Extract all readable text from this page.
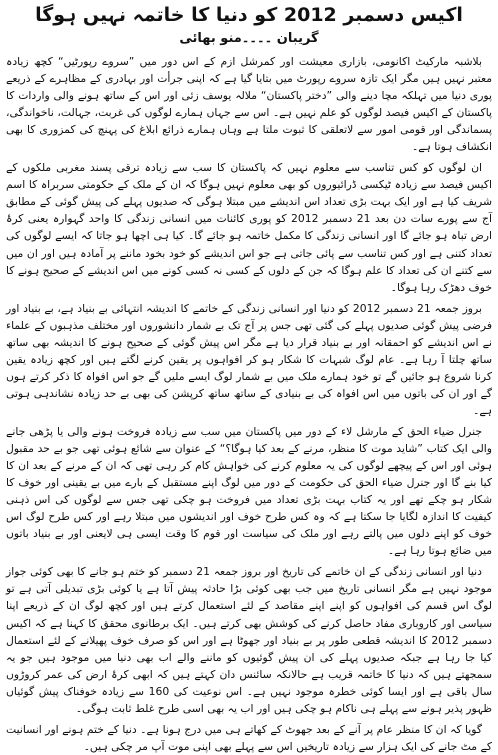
اکیس دسمبر 2012 کو دنیا کا خاتمہ نہیں ہوگا
گریبان ۔۔۔۔منو بھائی

بلاشبہ مارکیٹ اکانومی، بازاری معیشت اور کمرشل ازم کے اس دور میں ”سروے رپورٹیں“ کچھ زیادہ معتبر نہیں ہیں مگر ایک تازہ سروے رپورٹ میں بتایا گیا ہے کہ اپنی جرأت اور بہادری کے مظاہرے کے ذریعے پوری دنیا میں تہلکہ مچا دینے والی ”دختر پاکستان“ ملالہ یوسف زئی اور اس کے ساتھ ہونے والی واردات کا پاکستان کے اکیس فیصد لوگوں کو علم نہیں ہے۔ اس سے جہاں ہمارے لوگوں کی غربت، جہالت، ناخواندگی، پسماندگی اور قومی امور سے لاتعلقی کا ثبوت ملتا ہے وہاں ہمارے ذرائع ابلاغ کی پہنچ کی کمزوری کا بھی انکشاف ہوتا ہے۔

ان لوگوں کو کس تناسب سے معلوم نہیں کہ پاکستان کا سب سے زیادہ ترقی پسند مغربی ملکوں کے اکیس فیصد سے زیادہ ٹیکسی ڈرائیوروں کو بھی معلوم نہیں ہوگا کہ ان کے ملک کے حکومتی سربراہ کا اسم شریف کیا ہے اور ایک بہت بڑی تعداد اس اندیشے میں مبتلا ہوگی کہ صدیوں پہلے کی پیش گوئی کے مطابق آج سے پورے سات دن بعد 21 دسمبر 2012 کو پوری کائنات میں انسانی زندگی کا واحد گہوارہ یعنی کرۂ ارض تباہ ہو جائے گا اور انسانی زندگی کا مکمل خاتمہ ہو جائے گا۔ کیا ہی اچھا ہو جاتا کہ ایسے لوگوں کی تعداد کتنی ہے اور کس تناسب سے پائی جاتی ہے جو اس اندیشے کو خود بخود ماننے پر آمادہ ہیں اور ان میں سے کتنے ان کی تعداد کا علم ہوگا کہ جن کے دلوں کے کسی نہ کسی کونے میں اس اندیشے کے صحیح ہونے کا خوف دھڑک رہا ہوگا۔

بروز جمعہ 21 دسمبر 2012 کو دنیا اور انسانی زندگی کے خاتمے کا اندیشہ انتہائی بے بنیاد ہے، بے بنیاد اور فرضی پیش گوئی صدیوں پہلے کی گئی تھی جس پر آج تک بے شمار دانشوروں اور مختلف مذہبوں کے علماء نے اس اندیشے کو احمقانہ اور بے بنیاد قرار دیا ہے مگر اس پیش گوئی کے صحیح ہونے کا اندیشہ بھی ساتھ ساتھ چلتا آ رہا ہے۔ عام لوگ شبہات کا شکار ہو کر افواہوں پر یقین کرنے لگتے ہیں اور کچھ زیادہ یقین کرنا شروع ہو جائیں گے تو خود ہمارے ملک میں بے شمار لوگ ایسے ملیں گے جو اس افواہ کا ذکر کرتے ہوں گے اور ان کی باتوں میں اس افواہ کی بے بنیادی کے ساتھ ساتھ کرپشن کی بھی بے حد زیادہ نشاندہی ہوتی ہے۔

جنرل ضیاء الحق کے مارشل لاء کے دور میں پاکستان میں سب سے زیادہ فروخت ہونے والی یا پڑھی جانے والی ایک کتاب ”شاید موت کا منظر، مرنے کے بعد کیا ہوگا؟“ کے عنوان سے شائع ہوئی تھی جو بے حد مقبول ہوئی اور اس کے پیچھے لوگوں کی یہ معلوم کرنے کی خواہش کام کر رہی تھی کہ ان کے مرنے کے بعد ان کا کیا بنے گا اور جنرل ضیاء الحق کی حکومت کے دور میں لوگ اپنے مستقبل کے بارے میں بے یقینی اور خوف کا شکار ہو چکے تھے اور یہ کتاب بہت بڑی تعداد میں فروخت ہو چکی تھی جس سے لوگوں کی اس ذہنی کیفیت کا اندازہ لگایا جا سکتا ہے کہ وہ کس طرح خوف اور اندیشوں میں مبتلا رہے اور کس طرح لوگ اس خوف کو اپنے دلوں میں پالتے رہے اور ملک کی سیاست اور قوم کا وقت ایسی ہی لایعنی اور بے بنیاد باتوں میں ضائع ہوتا رہا ہے۔

دنیا اور انسانی زندگی کے ان خاتمے کی تاریخ اور بروز جمعہ 21 دسمبر کو ختم ہو جانے کا بھی کوئی جواز موجود نہیں ہے مگر انسانی تاریخ میں جب بھی کوئی بڑا حادثہ پیش آتا ہے یا کوئی بڑی تبدیلی آتی ہے تو لوگ اس قسم کی افواہوں کو اپنے اپنے مقاصد کے لئے استعمال کرتے ہیں اور کچھ لوگ ان کے ذریعے اپنا سیاسی اور کاروباری مفاد حاصل کرنے کی کوشش بھی کرتے ہیں۔ ایک برطانوی محقق کا کہنا ہے کہ اکیس دسمبر 2012 کا اندیشہ قطعی طور پر بے بنیاد اور جھوٹا ہے اور اس کو صرف خوف پھیلانے کے لئے استعمال کیا جا رہا ہے جبکہ صدیوں پہلے کی ان پیش گوئیوں کو ماننے والے اب بھی دنیا میں موجود ہیں جو یہ سمجھتے ہیں کہ دنیا کا خاتمہ قریب ہے حالانکہ سائنس دان کہتے ہیں کہ ابھی کرۂ ارض کی عمر کروڑوں سال باقی ہے اور ایسا کوئی خطرہ موجود نہیں ہے۔ اس نوعیت کی 160 سے زیادہ خوفناک پیش گوئیاں ظہور پذیر ہونے سے پہلے ہی ناکام ہو چکی ہیں اور اب یہ بھی اسی طرح غلط ثابت ہوگی۔

گویا کہ ان کا منظر عام پر آنے کے بعد جھوٹ کے کھاتے ہی میں درج ہونا ہے۔ دنیا کے ختم ہونے اور انسانیت کے مٹ جانے کی ایک ہزار سے زیادہ تاریخیں اس سے پہلے بھی اپنی موت آپ مر چکی ہیں۔
